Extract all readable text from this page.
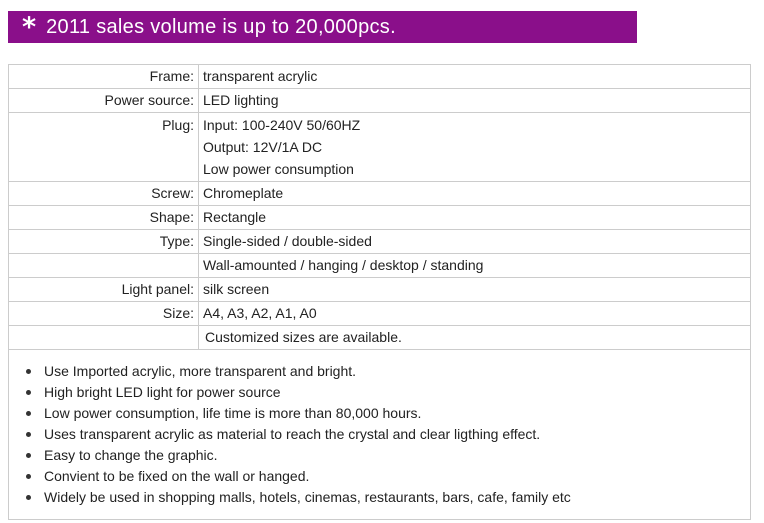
* 2011 sales volume is up to 20,000pcs.
Frame:	transparent acrylic
Power source:	LED lighting
Plug:	Input: 100-240V 50/60HZ
Output: 12V/1A DC
Low power consumption

Screw:	Chromeplate
Shape:	Rectangle
Type:	Single-sided / double-sided
	Wall-amounted / hanging / desktop / standing
Light panel:	silk screen
Size:	A4, A3, A2, A1, A0
	Customized sizes are available.
Use Imported acrylic, more transparent and bright.
High bright LED light for power source
Low power consumption, life time is more than 80,000 hours.
Uses transparent acrylic as material to reach the crystal and clear ligthing effect.
Easy to change the graphic.
Convient to be fixed on the wall or hanged.
Widely be used in shopping malls, hotels, cinemas, restaurants, bars, cafe, family etc
